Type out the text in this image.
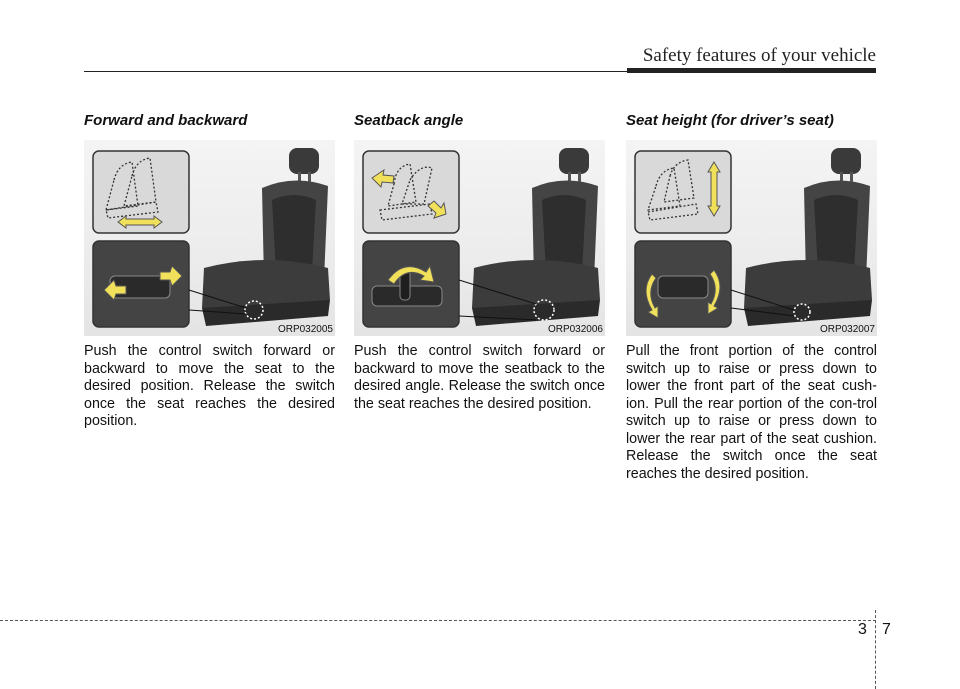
Safety features of your vehicle
Forward and backward
ORP032005

Push the control switch forward or backward to move the seat to the desired position. Release the switch once the seat reaches the desired position.

Seatback angle
ORP032006

Push the control switch forward or backward to move the seatback to the desired angle. Release the switch once the seat reaches the desired position.

Seat height (for driver’s seat)
ORP032007

Pull the front portion of the control switch up to raise or press down to lower the front part of the seat cush-ion. Pull the rear portion of the con-trol switch up to raise or press down to lower the rear part of the seat cushion. Release the switch once the seat reaches the desired position.

3 7
